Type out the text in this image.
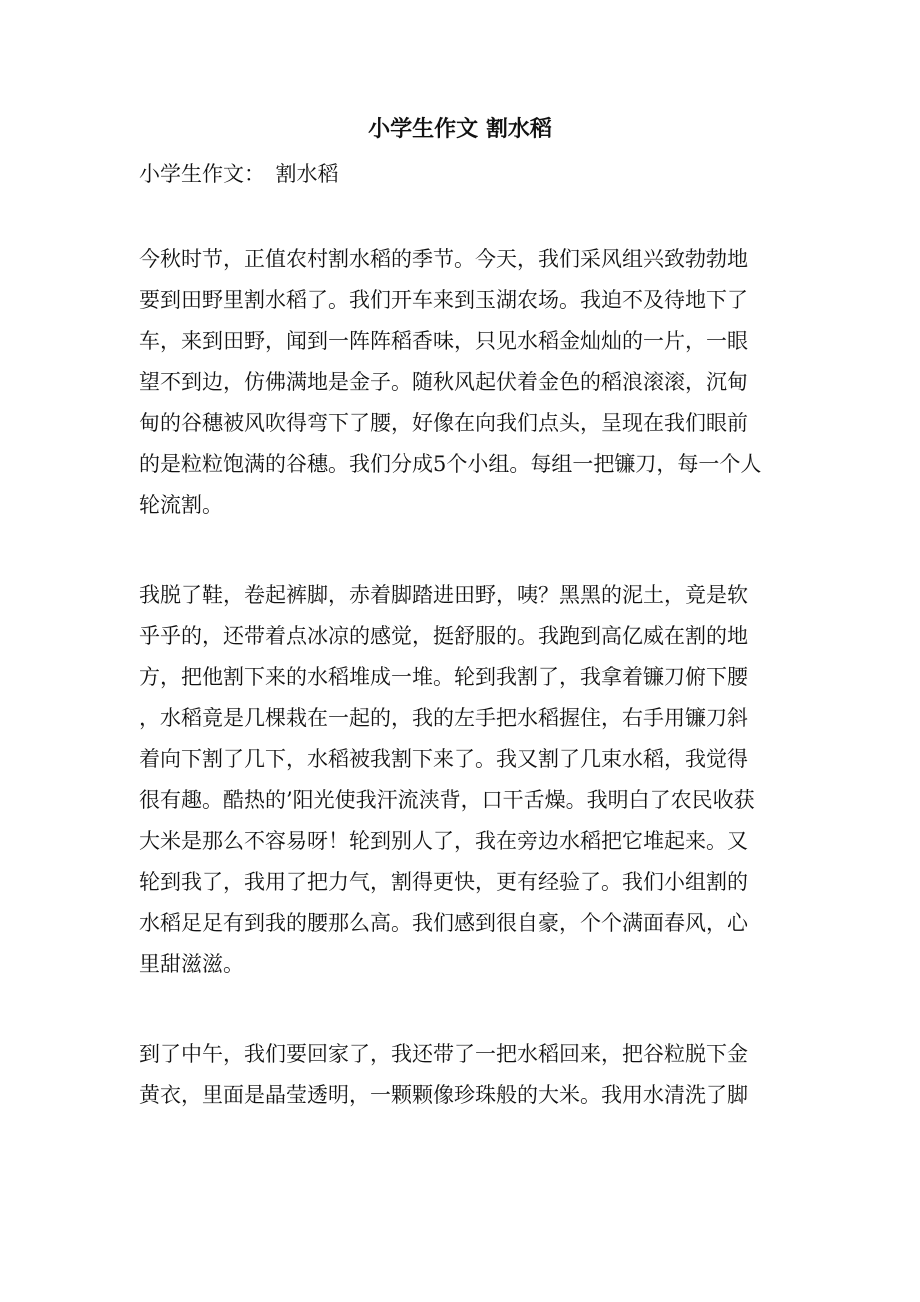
小学生作文 割水稻

小学生作文：　割水稻

今秋时节，正值农村割水稻的季节。今天，我们采风组兴致勃勃地

要到田野里割水稻了。我们开车来到玉湖农场。我迫不及待地下了

车，来到田野，闻到一阵阵稻香味，只见水稻金灿灿的一片，一眼

望不到边，仿佛满地是金子。随秋风起伏着金色的稻浪滚滚，沉甸

甸的谷穗被风吹得弯下了腰，好像在向我们点头，呈现在我们眼前

的是粒粒饱满的谷穗。我们分成5个小组。每组一把镰刀，每一个人

轮流割。

我脱了鞋，卷起裤脚，赤着脚踏进田野，咦？黑黑的泥土，竟是软

乎乎的，还带着点冰凉的感觉，挺舒服的。我跑到高亿威在割的地

方，把他割下来的水稻堆成一堆。轮到我割了，我拿着镰刀俯下腰

，水稻竟是几棵栽在一起的，我的左手把水稻握住，右手用镰刀斜

着向下割了几下，水稻被我割下来了。我又割了几束水稻，我觉得

很有趣。酷热的’阳光使我汗流浃背，口干舌燥。我明白了农民收获

大米是那么不容易呀！轮到别人了，我在旁边水稻把它堆起来。又

轮到我了，我用了把力气，割得更快，更有经验了。我们小组割的

水稻足足有到我的腰那么高。我们感到很自豪，个个满面春风，心

里甜滋滋。

到了中午，我们要回家了，我还带了一把水稻回来，把谷粒脱下金

黄衣，里面是晶莹透明，一颗颗像珍珠般的大米。我用水清洗了脚
